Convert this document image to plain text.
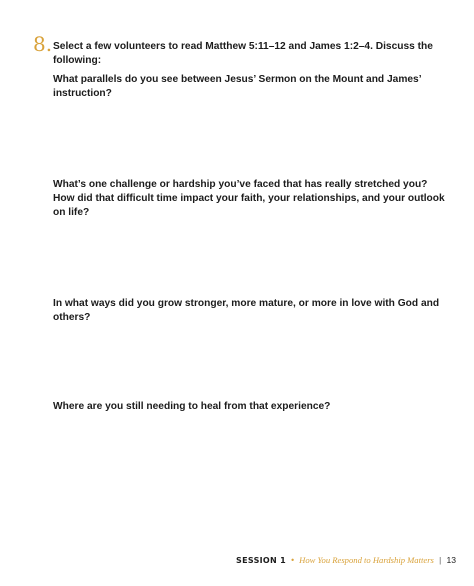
8. Select a few volunteers to read Matthew 5:11–12 and James 1:2–4. Discuss the following:

What parallels do you see between Jesus’ Sermon on the Mount and James’ instruction?

What’s one challenge or hardship you’ve faced that has really stretched you? How did that difficult time impact your faith, your relationships, and your outlook on life?

In what ways did you grow stronger, more mature, or more in love with God and others?

Where are you still needing to heal from that experience?

SESSION 1 • How You Respond to Hardship Matters | 13
